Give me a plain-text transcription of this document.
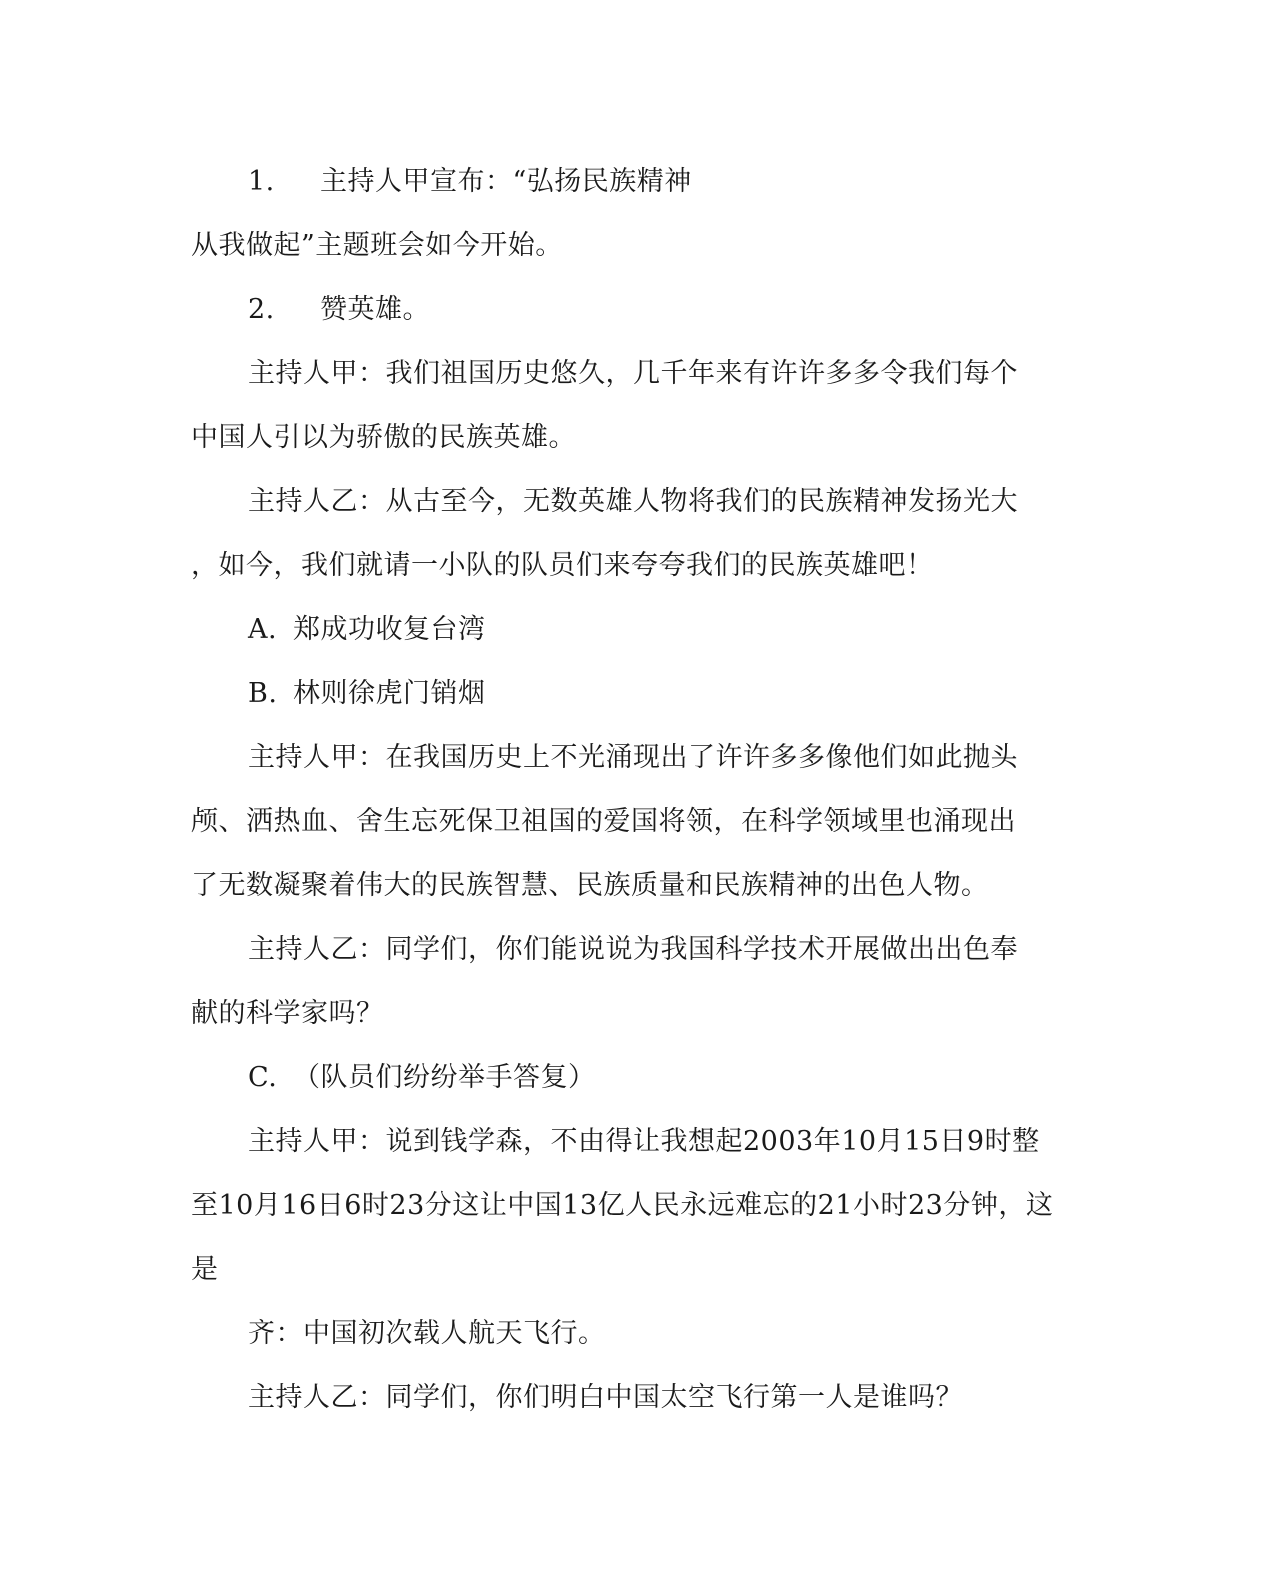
1. 主持人甲宣布：“弘扬民族精神
从我做起”主题班会如今开始。
2. 赞英雄。
主持人甲：我们祖国历史悠久，几千年来有许许多多令我们每个
中国人引以为骄傲的民族英雄。
主持人乙：从古至今，无数英雄人物将我们的民族精神发扬光大
，如今，我们就请一小队的队员们来夸夸我们的民族英雄吧！
A. 郑成功收复台湾
B. 林则徐虎门销烟
主持人甲：在我国历史上不光涌现出了许许多多像他们如此抛头
颅、洒热血、舍生忘死保卫祖国的爱国将领，在科学领域里也涌现出
了无数凝聚着伟大的民族智慧、民族质量和民族精神的出色人物。
主持人乙：同学们，你们能说说为我国科学技术开展做出出色奉
献的科学家吗？
C. （队员们纷纷举手答复）
主持人甲：说到钱学森，不由得让我想起2003年10月15日9时整
至10月16日6时23分这让中国13亿人民永远难忘的21小时23分钟，这
是
齐：中国初次载人航天飞行。
主持人乙：同学们，你们明白中国太空飞行第一人是谁吗？
